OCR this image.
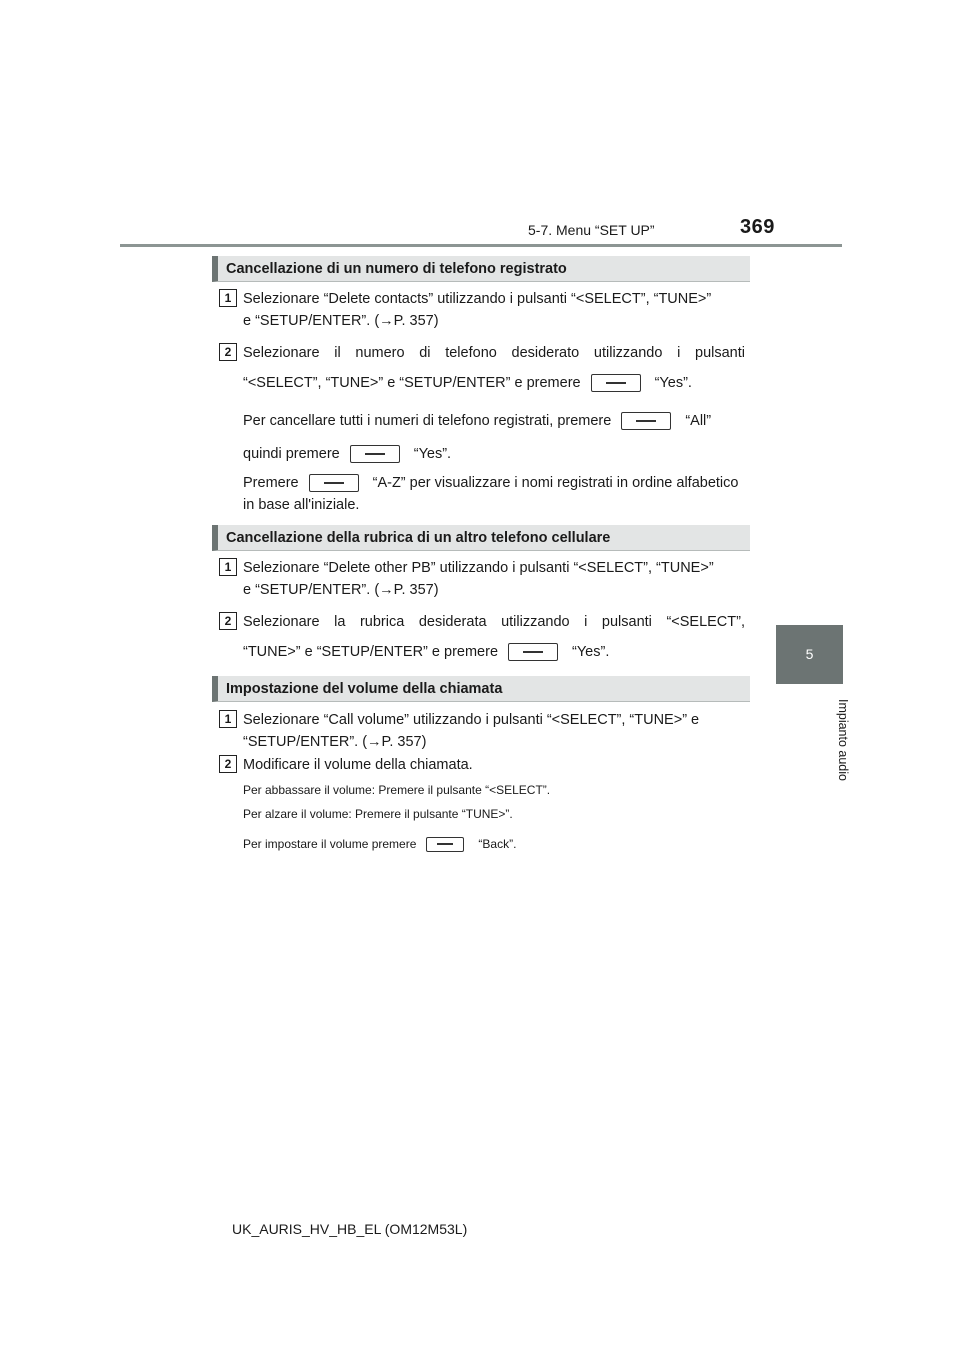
5-7. Menu “SET UP”	369
5
Impianto audio
Cancellazione di un numero di telefono registrato
1 Selezionare “Delete contacts” utilizzando i pulsanti “<SELECT”, “TUNE>”
e “SETUP/ENTER”. (→P. 357)
2 Selezionare il numero di telefono desiderato utilizzando i pulsanti
“<SELECT”, “TUNE>” e “SETUP/ENTER” e premere	“Yes”.
Per cancellare tutti i numeri di telefono registrati, premere	“All”
quindi premere	“Yes”.
Premere	“A-Z” per visualizzare i nomi registrati in ordine alfabetico
in base all'iniziale.
Cancellazione della rubrica di un altro telefono cellulare
1 Selezionare “Delete other PB” utilizzando i pulsanti “<SELECT”, “TUNE>”
e “SETUP/ENTER”. (→P. 357)
2 Selezionare la rubrica desiderata utilizzando i pulsanti “<SELECT”,
“TUNE>” e “SETUP/ENTER” e premere	“Yes”.
Impostazione del volume della chiamata
1 Selezionare “Call volume” utilizzando i pulsanti “<SELECT”, “TUNE>” e
“SETUP/ENTER”. (→P. 357)
2 Modificare il volume della chiamata.
Per abbassare il volume: Premere il pulsante “<SELECT”.
Per alzare il volume: Premere il pulsante “TUNE>”.
Per impostare il volume premere	“Back”.
UK_AURIS_HV_HB_EL (OM12M53L)
